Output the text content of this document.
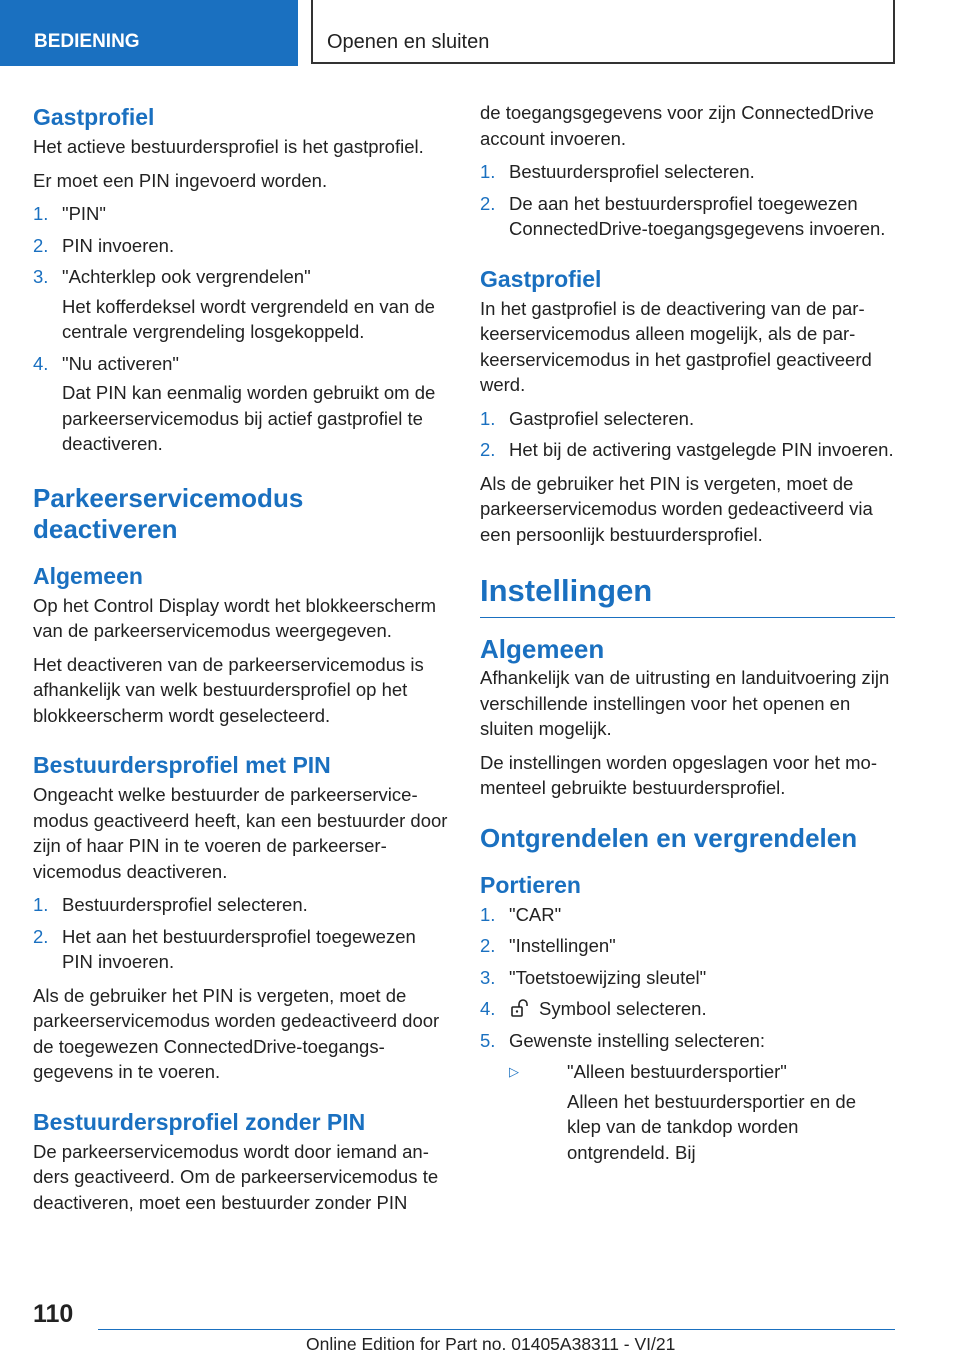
BEDIENING	Openen en sluiten
Gastprofiel

Het actieve bestuurdersprofiel is het gastprofiel.

Er moet een PIN ingevoerd worden.

1. "PIN"
2. PIN invoeren.
3. "Achterklep ook vergrendelen"
Het kofferdeksel wordt vergrendeld en van de centrale vergrendeling losgekoppeld.
4. "Nu activeren"
Dat PIN kan eenmalig worden gebruikt om de parkeerservicemodus bij actief gastprofiel te deactiveren.
Parkeerservicemodus deactiveren
Algemeen

Op het Control Display wordt het blokkeerscherm van de parkeerservicemodus weergegeven.

Het deactiveren van de parkeerservicemodus is afhankelijk van welk bestuurdersprofiel op het blokkeerscherm wordt geselecteerd.

Bestuurdersprofiel met PIN

Ongeacht welke bestuurder de parkeerservicemodus geactiveerd heeft, kan een bestuurder door zijn of haar PIN in te voeren de parkeerservicemodus deactiveren.

1. Bestuurdersprofiel selecteren.
2. Het aan het bestuurdersprofiel toegewezen PIN invoeren.

Als de gebruiker het PIN is vergeten, moet de parkeerservicemodus worden gedeactiveerd door de toegewezen ConnectedDrive-toegangsgegevens in te voeren.

Bestuurdersprofiel zonder PIN

De parkeerservicemodus wordt door iemand anders geactiveerd. Om de parkeerservicemodus te deactiveren, moet een bestuurder zonder PIN

de toegangsgegevens voor zijn ConnectedDrive account invoeren.

1. Bestuurdersprofiel selecteren.
2. De aan het bestuurdersprofiel toegewezen ConnectedDrive-toegangsgegevens invoeren.
Gastprofiel

In het gastprofiel is de deactivering van de parkeerservicemodus alleen mogelijk, als de parkeerservicemodus in het gastprofiel geactiveerd werd.

1. Gastprofiel selecteren.
2. Het bij de activering vastgelegde PIN invoeren.

Als de gebruiker het PIN is vergeten, moet de parkeerservicemodus worden gedeactiveerd via een persoonlijk bestuurdersprofiel.

Instellingen
Algemeen

Afhankelijk van de uitrusting en landuitvoering zijn verschillende instellingen voor het openen en sluiten mogelijk.

De instellingen worden opgeslagen voor het momenteel gebruikte bestuurdersprofiel.

Ontgrendelen en vergrendelen
Portieren
1. "CAR"
2. "Instellingen"
3. "Toetstoewijzing sleutel"
4. Symbool selecteren.
5. Gewenste instelling selecteren:
▷	"Alleen bestuurdersportier"
Alleen het bestuurdersportier en de klep van de tankdop worden ontgrendeld. Bij
110
Online Edition for Part no. 01405A38311 - VI/21
